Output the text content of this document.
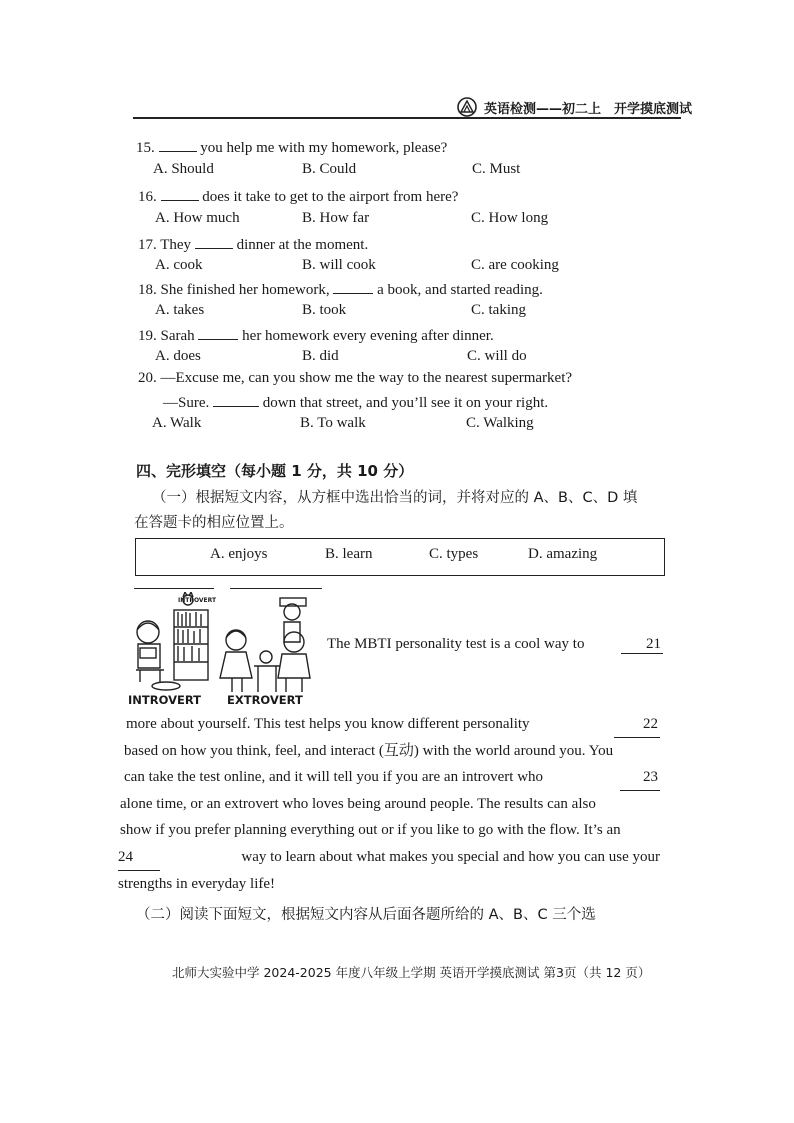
英语检测——初二上　开学摸底测试
15.	you help me with my homework, please?
A. Should	B. Could	C. Must
16.	does it take to get to the airport from here?
A. How much	B. How far	C. How long
17. They	dinner at the moment.
A. cook	B. will cook	C. are cooking
18. She finished her homework,	a book, and started reading.
A. takes	B. took	C. taking
19. Sarah	her homework every evening after dinner.
A. does	B. did	C. will do
20. —Excuse me, can you show me the way to the nearest supermarket?
—Sure.	down that street, and you’ll see it on your right.
A. Walk	B. To walk	C. Walking
四、完形填空（每小题 1 分，共 10 分）
（一）根据短文内容，从方框中选出恰当的词，并将对应的 A、B、C、D 填
在答题卡的相应位置上。
A. enjoys	B. learn	C. types	D. amazing
INTROVERT
INTROVERT EXTROVERT
The MBTI personality test is a cool way to	21
more about yourself. This test helps you know different personality	22
based on how you think, feel, and interact (互动) with the world around you. You
can take the test online, and it will tell you if you are an introvert who	23
alone time, or an extrovert who loves being around people. The results can also
show if you prefer planning everything out or if you like to go with the flow. It’s an
24	way to learn about what makes you special and how you can use your
strengths in everyday life!
（二）阅读下面短文，根据短文内容从后面各题所给的 A、B、C 三个选
北师大实验中学 2024-2025 年度八年级上学期 英语开学摸底测试 第3页（共 12 页）
